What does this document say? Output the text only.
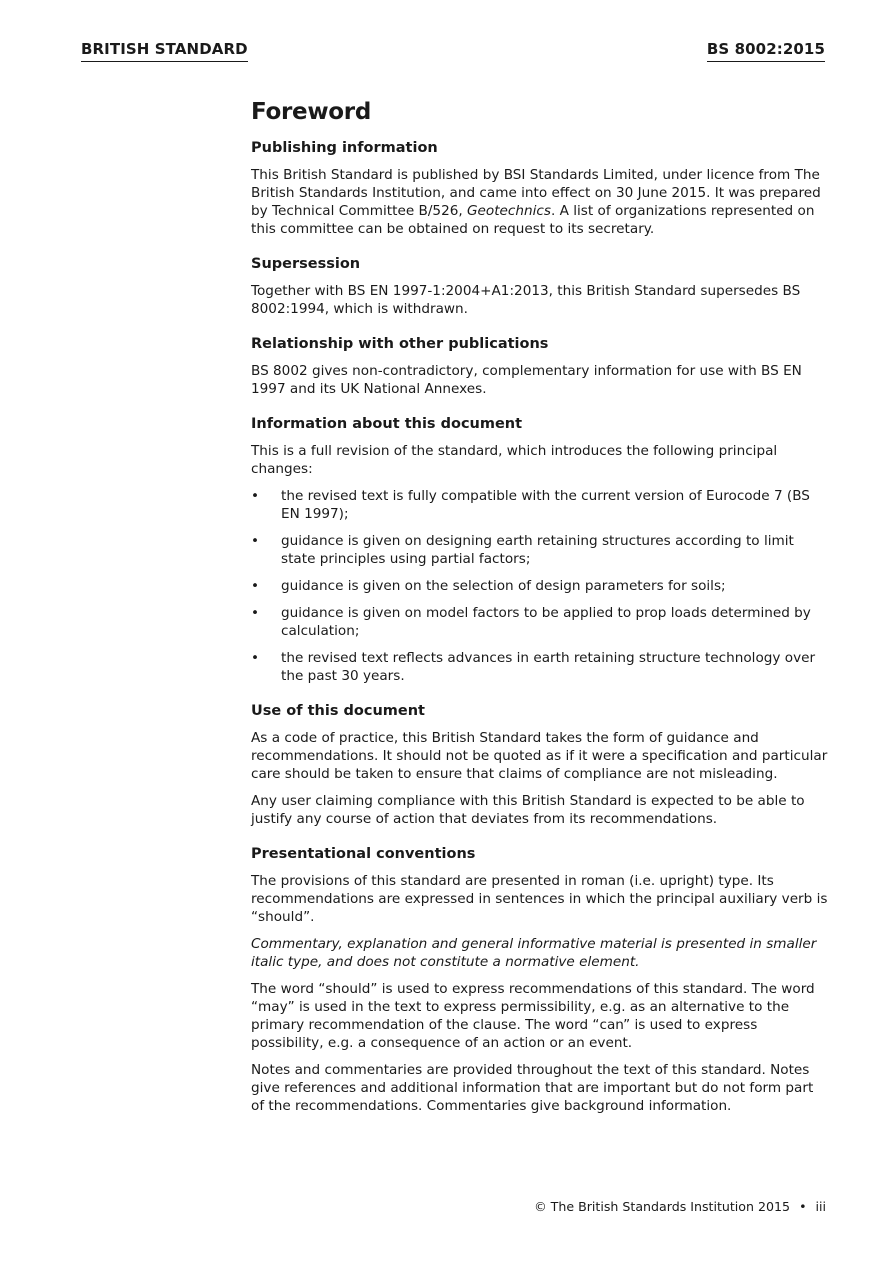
BRITISH STANDARD	BS 8002:2015
Foreword
Publishing information

This British Standard is published by BSI Standards Limited, under licence from The British Standards Institution, and came into effect on 30 June 2015. It was prepared by Technical Committee B/526, Geotechnics. A list of organizations represented on this committee can be obtained on request to its secretary.

Supersession

Together with BS EN 1997-1:2004+A1:2013, this British Standard supersedes BS 8002:1994, which is withdrawn.

Relationship with other publications

BS 8002 gives non-contradictory, complementary information for use with BS EN 1997 and its UK National Annexes.

Information about this document

This is a full revision of the standard, which introduces the following principal changes:

• the revised text is fully compatible with the current version of Eurocode 7 (BS EN 1997);
• guidance is given on designing earth retaining structures according to limit state principles using partial factors;
• guidance is given on the selection of design parameters for soils;
• guidance is given on model factors to be applied to prop loads determined by calculation;
• the revised text reflects advances in earth retaining structure technology over the past 30 years.
Use of this document

As a code of practice, this British Standard takes the form of guidance and recommendations. It should not be quoted as if it were a specification and particular care should be taken to ensure that claims of compliance are not misleading.

Any user claiming compliance with this British Standard is expected to be able to justify any course of action that deviates from its recommendations.

Presentational conventions

The provisions of this standard are presented in roman (i.e. upright) type. Its recommendations are expressed in sentences in which the principal auxiliary verb is “should”.

Commentary, explanation and general informative material is presented in smaller italic type, and does not constitute a normative element.

The word “should” is used to express recommendations of this standard. The word “may” is used in the text to express permissibility, e.g. as an alternative to the primary recommendation of the clause. The word “can” is used to express possibility, e.g. a consequence of an action or an event.

Notes and commentaries are provided throughout the text of this standard. Notes give references and additional information that are important but do not form part of the recommendations. Commentaries give background information.

© The British Standards Institution 2015 • iii
